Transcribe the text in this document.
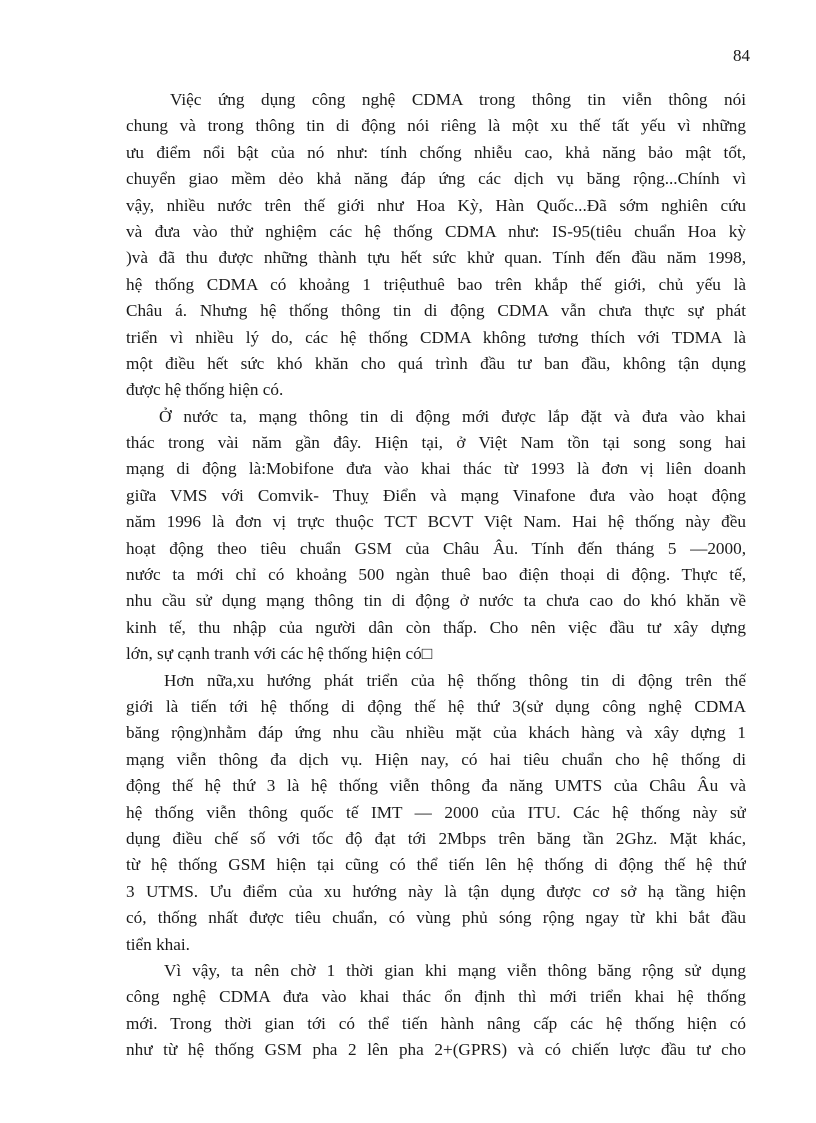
84
Việc ứng dụng công nghệ CDMA trong thông tin viễn thông nói
chung và trong thông tin di động nói riêng là một xu thế tất yếu vì những
ưu điểm nổi bật của nó như: tính chống nhiễu cao, khả năng bảo mật tốt,
chuyển giao mềm dẻo khả năng đáp ứng các dịch vụ băng rộng...Chính vì
vậy, nhiều nước trên thế giới như Hoa Kỳ, Hàn Quốc...Đã sớm nghiên cứu
và đưa vào thử nghiệm các hệ thống CDMA như: IS-95(tiêu chuẩn Hoa kỳ
)và đã thu được những thành tựu hết sức khử quan. Tính đến đầu năm 1998,
hệ thống CDMA có khoảng 1 triệuthuê bao trên khắp thế giới, chủ yếu là
Châu á. Nhưng hệ thống thông tin di động CDMA vẫn chưa thực sự phát
triển vì nhiều lý do, các hệ thống CDMA không tương thích với TDMA là
một điều hết sức khó khăn cho quá trình đầu tư ban đầu, không tận dụng
được hệ thống hiện có.
Ở nước ta, mạng thông tin di động mới được lắp đặt và đưa vào khai
thác trong vài năm gần đây. Hiện tại, ở Việt Nam tồn tại song song hai
mạng di động là:Mobifone đưa vào khai thác từ 1993 là đơn vị liên doanh
giữa VMS với Comvik- Thuỵ Điển và mạng Vinafone đưa vào hoạt động
năm 1996 là đơn vị trực thuộc TCT BCVT Việt Nam. Hai hệ thống này đều
hoạt động theo tiêu chuẩn GSM của Châu Âu. Tính đến tháng 5 —2000,
nước ta mới chỉ có khoảng 500 ngàn thuê bao điện thoại di động. Thực tế,
nhu cầu sử dụng mạng thông tin di động ở nước ta chưa cao do khó khăn về
kinh tế, thu nhập của người dân còn thấp. Cho nên việc đầu tư xây dựng
lớn, sự cạnh tranh với các hệ thống hiện có□
Hơn nữa,xu hướng phát triển của hệ thống thông tin di động trên thế
giới là tiến tới hệ thống di động thế hệ thứ 3(sử dụng công nghệ CDMA
băng rộng)nhằm đáp ứng nhu cầu nhiều mặt của khách hàng và xây dựng 1
mạng viễn thông đa dịch vụ. Hiện nay, có hai tiêu chuẩn cho hệ thống di
động thế hệ thứ 3 là hệ thống viễn thông đa năng UMTS của Châu Âu và
hệ thống viễn thông quốc tế IMT — 2000 của ITU. Các hệ thống này sử
dụng điều chế số với tốc độ đạt tới 2Mbps trên băng tần 2Ghz. Mặt khác,
từ hệ thống GSM hiện tại cũng có thể tiến lên hệ thống di động thế hệ thứ
3 UTMS. Ưu điểm của xu hướng này là tận dụng được cơ sở hạ tầng hiện
có, thống nhất được tiêu chuẩn, có vùng phủ sóng rộng ngay từ khi bắt đầu
tiển khai.
Vì vậy, ta nên chờ 1 thời gian khi mạng viễn thông băng rộng sử dụng
công nghệ CDMA đưa vào khai thác ổn định thì mới triển khai hệ thống
mới. Trong thời gian tới có thể tiến hành nâng cấp các hệ thống hiện có
như từ hệ thống GSM pha 2 lên pha 2+(GPRS) và có chiến lược đầu tư cho
